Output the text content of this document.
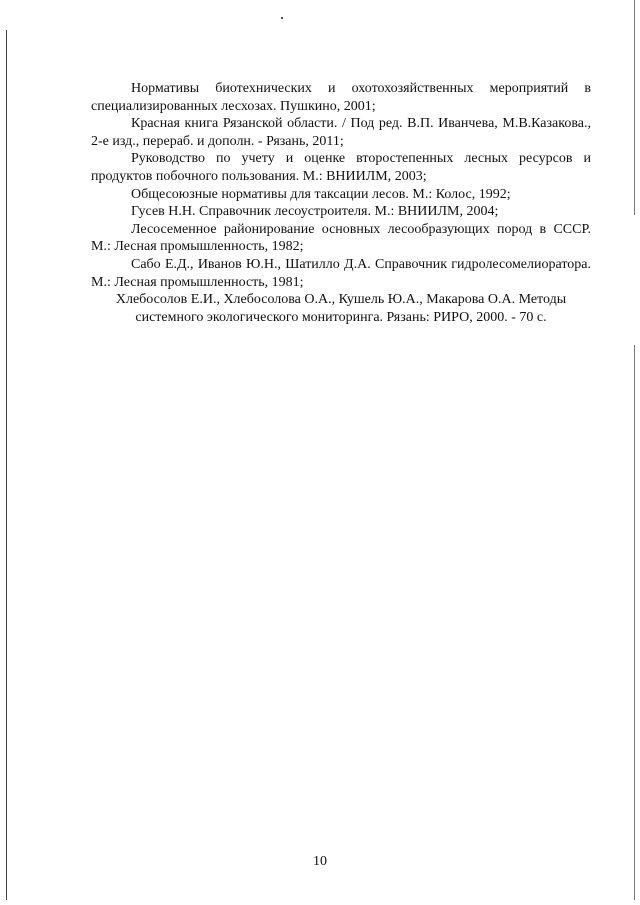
Нормативы биотехнических и охотохозяйственных мероприятий в специализированных лесхозах. Пушкино, 2001;

Красная книга Рязанской области. / Под ред. В.П. Иванчева, М.В.Казакова., 2-е изд., перераб. и дополн. - Рязань, 2011;

Руководство по учету и оценке второстепенных лесных ресурсов и продуктов побочного пользования. М.: ВНИИЛМ, 2003;

Общесоюзные нормативы для таксации лесов. М.: Колос, 1992;

Гусев Н.Н. Справочник лесоустроителя. М.: ВНИИЛМ, 2004;

Лесосеменное районирование основных лесообразующих пород в СССР. М.: Лесная промышленность, 1982;

Сабо Е.Д., Иванов Ю.Н., Шатилло Д.А. Справочник гидролесомелиоратора. М.: Лесная промышленность, 1981;

Хлебосолов Е.И., Хлебосолова О.А., Кушель Ю.А., Макарова О.А. Методы системного экологического мониторинга. Рязань: РИРО, 2000. - 70 с.

10
